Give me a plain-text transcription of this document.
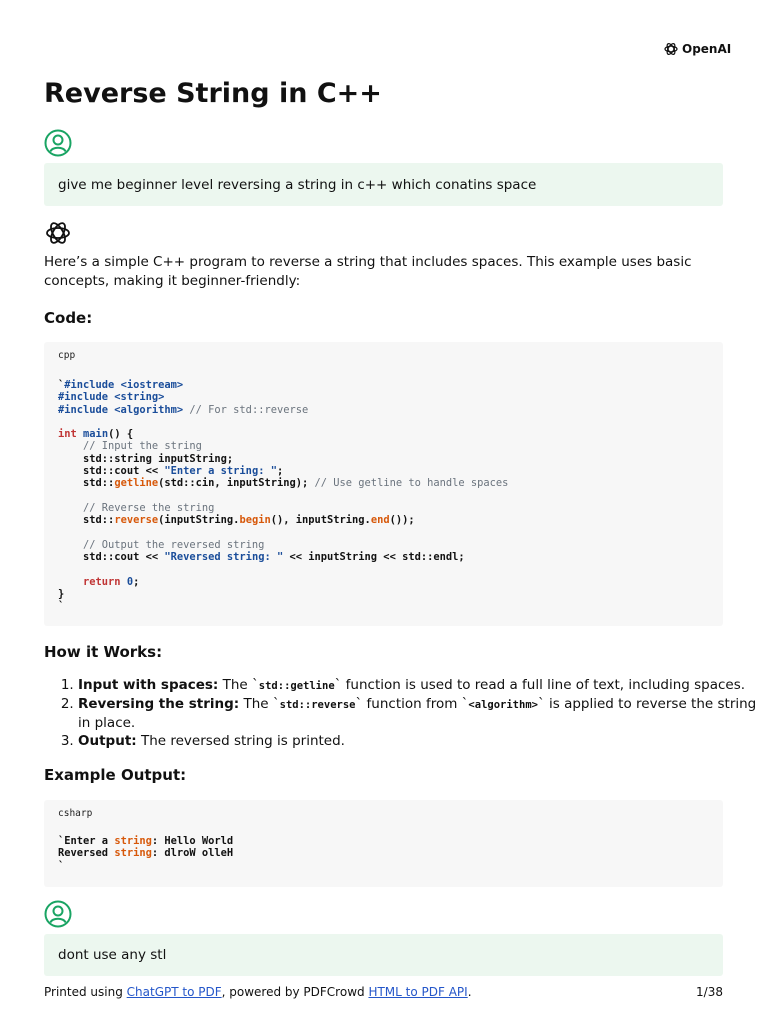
OpenAI
Reverse String in C++
give me beginner level reversing a string in c++ which conatins space

Here’s a simple C++ program to reverse a string that includes spaces. This example uses basic concepts, making it beginner-friendly:

Code:
cpp
`#include <iostream>
#include <string>
#include <algorithm> // For std::reverse

int main() {
// Input the string
std::string inputString;
std::cout << "Enter a string: ";
std::getline(std::cin, inputString); // Use getline to handle spaces

// Reverse the string
std::reverse(inputString.begin(), inputString.end());

// Output the reversed string
std::cout << "Reversed string: " << inputString << std::endl;

return 0;
}
`
How it Works:
1. Input with spaces: The `std::getline` function is used to read a full line of text, including spaces.
2. Reversing the string: The `std::reverse` function from `<algorithm>` is applied to reverse the string in place.
3. Output: The reversed string is printed.
Example Output:
csharp
`Enter a string: Hello World
Reversed string: dlroW olleH
`
dont use any stl
Printed using ChatGPT to PDF, powered by PDFCrowd HTML to PDF API.	1/38
